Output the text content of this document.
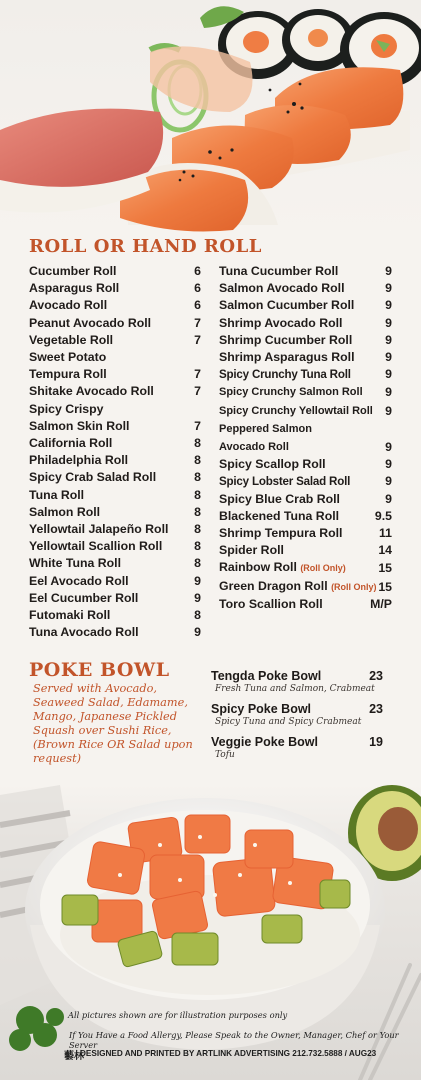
ROLL OR HAND ROLL
Cucumber Roll	6
Asparagus Roll	6
Avocado Roll	6
Peanut Avocado Roll	7
Vegetable Roll	7
Sweet Potato
Tempura Roll	7
Shitake Avocado Roll	7
Spicy Crispy
Salmon Skin Roll	7
California Roll	8
Philadelphia Roll	8
Spicy Crab Salad Roll	8
Tuna Roll	8
Salmon Roll	8
Yellowtail Jalapeño Roll 8
Yellowtail Scallion Roll	8
White Tuna Roll	8
Eel Avocado Roll	9
Eel Cucumber Roll	9
Futomaki Roll	8
Tuna Avocado Roll	9
Tuna Cucumber Roll	9
Salmon Avocado Roll	9
Salmon Cucumber Roll	9
Shrimp Avocado Roll	9
Shrimp Cucumber Roll	9
Shrimp Asparagus Roll 9
Spicy Crunchy Tuna Roll	9
Spicy Crunchy Salmon Roll 9
Spicy Crunchy Yellowtail Roll 9
Peppered Salmon
Avocado Roll	9
Spicy Scallop Roll	9
Spicy Lobster Salad Roll	9
Spicy Blue Crab Roll	9
Blackened Tuna Roll	9.5
Shrimp Tempura Roll	11
Spider Roll	14
Rainbow Roll (Roll Only)	15
Green Dragon Roll (Roll Only) 15
Toro Scallion Roll	M/P
POKE BOWL
Served with Avocado, Seaweed Salad, Edamame, Mango, Japanese Pickled Squash over Sushi Rice, (Brown Rice OR Salad upon request)
Tengda Poke Bowl	23
Fresh Tuna and Salmon, Crabmeat
Spicy Poke Bowl	23
Spicy Tuna and Spicy Crabmeat
Veggie Poke Bowl	19
Tofu
All pictures shown are for illustration purposes only
If You Have a Food Allergy, Please Speak to the Owner, Manager, Chef or Your Server
藝林
DESIGNED AND PRINTED BY ARTLINK ADVERTISING 212.732.5888 / AUG23
